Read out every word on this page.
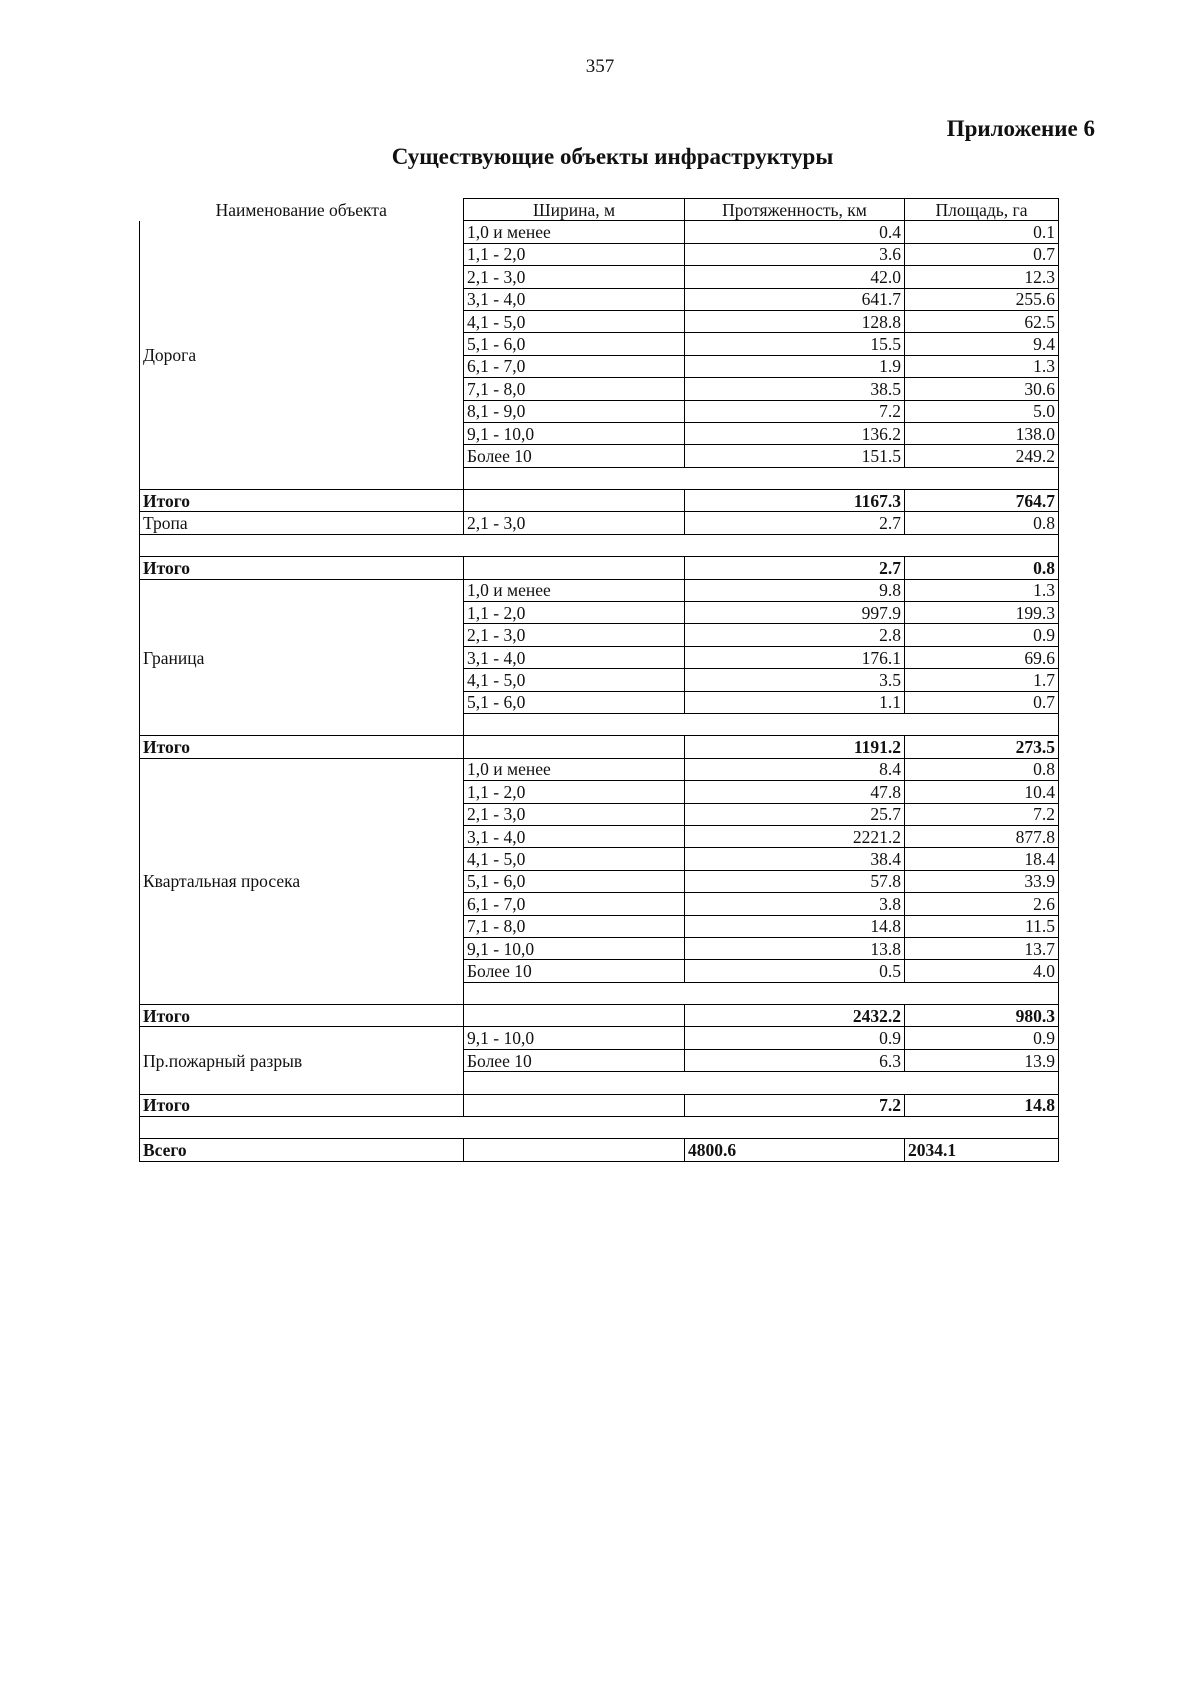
357
Приложение 6
Существующие объекты инфраструктуры
Наименование объекта	Ширина, м	Протяженность, км	Площадь, га
Дорога	1,0 и менее	0.4	0.1
	1,1 - 2,0	3.6	0.7
	2,1 - 3,0	42.0	12.3
	3,1 - 4,0	641.7	255.6
	4,1 - 5,0	128.8	62.5
	5,1 - 6,0	15.5	9.4
	6,1 - 7,0	1.9	1.3
	7,1 - 8,0	38.5	30.6
	8,1 - 9,0	7.2	5.0
	9,1 - 10,0	136.2	138.0
	Более 10	151.5	249.2

Итого		1167.3	764.7
Тропа	2,1 - 3,0	2.7	0.8

Итого		2.7	0.8
Граница	1,0 и менее	9.8	1.3
	1,1 - 2,0	997.9	199.3
	2,1 - 3,0	2.8	0.9
	3,1 - 4,0	176.1	69.6
	4,1 - 5,0	3.5	1.7
	5,1 - 6,0	1.1	0.7

Итого		1191.2	273.5
Квартальная просека	1,0 и менее	8.4	0.8
	1,1 - 2,0	47.8	10.4
	2,1 - 3,0	25.7	7.2
	3,1 - 4,0	2221.2	877.8
	4,1 - 5,0	38.4	18.4
	5,1 - 6,0	57.8	33.9
	6,1 - 7,0	3.8	2.6
	7,1 - 8,0	14.8	11.5
	9,1 - 10,0	13.8	13.7
	Более 10	0.5	4.0

Итого		2432.2	980.3
Пр.пожарный разрыв	9,1 - 10,0	0.9	0.9
	Более 10	6.3	13.9

Итого		7.2	14.8

Всего		4800.6	2034.1
